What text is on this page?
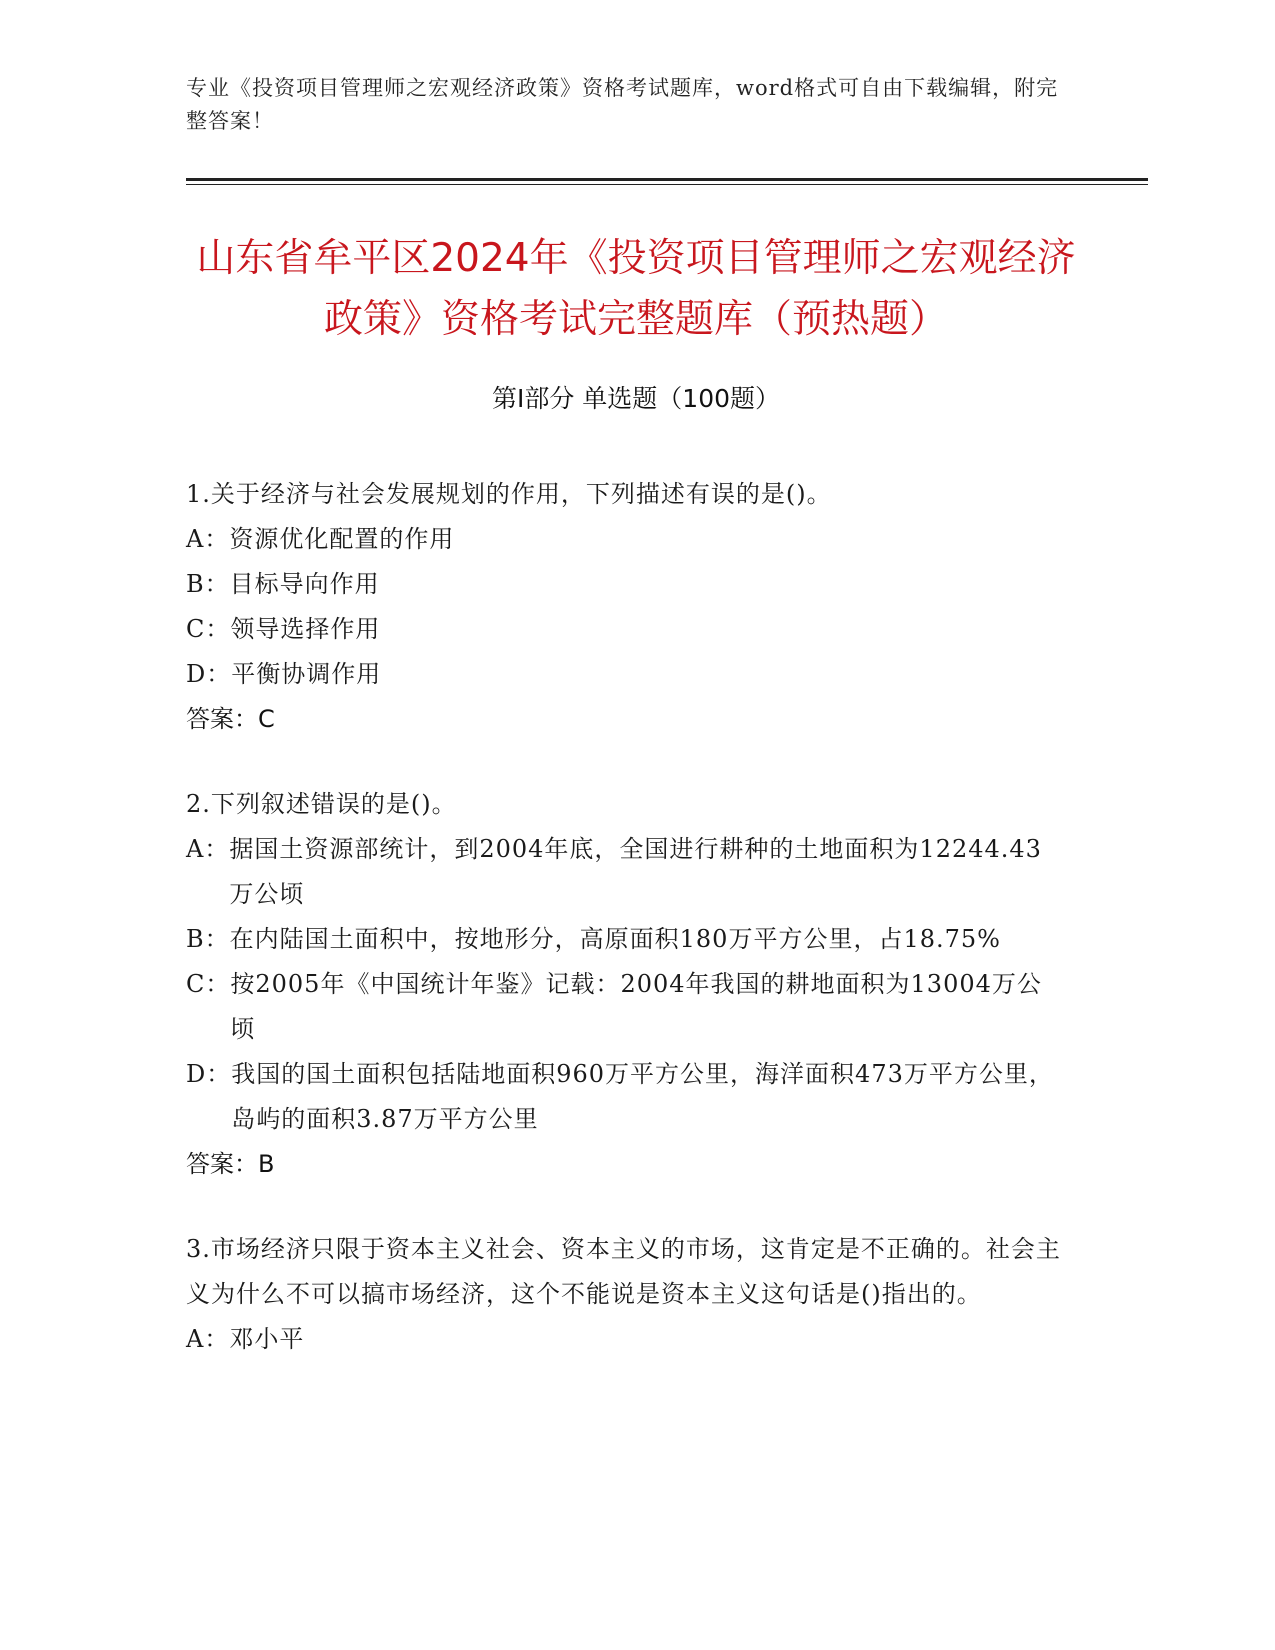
专业《投资项目管理师之宏观经济政策》资格考试题库，word格式可自由下载编辑，附完整答案！
山东省牟平区2024年《投资项目管理师之宏观经济政策》资格考试完整题库（预热题）
第I部分 单选题（100题）
1.关于经济与社会发展规划的作用，下列描述有误的是()。
A： 资源优化配置的作用
B： 目标导向作用
C： 领导选择作用
D： 平衡协调作用
答案：C
2.下列叙述错误的是()。
A： 据国土资源部统计，到2004年底，全国进行耕种的土地面积为12244.43万公顷
B： 在内陆国土面积中，按地形分，高原面积180万平方公里，占18.75%
C： 按2005年《中国统计年鉴》记载：2004年我国的耕地面积为13004万公顷
D： 我国的国土面积包括陆地面积960万平方公里，海洋面积473万平方公里，岛屿的面积3.87万平方公里
答案：B
3.市场经济只限于资本主义社会、资本主义的市场，这肯定是不正确的。社会主义为什么不可以搞市场经济，这个不能说是资本主义这句话是()指出的。
A： 邓小平
